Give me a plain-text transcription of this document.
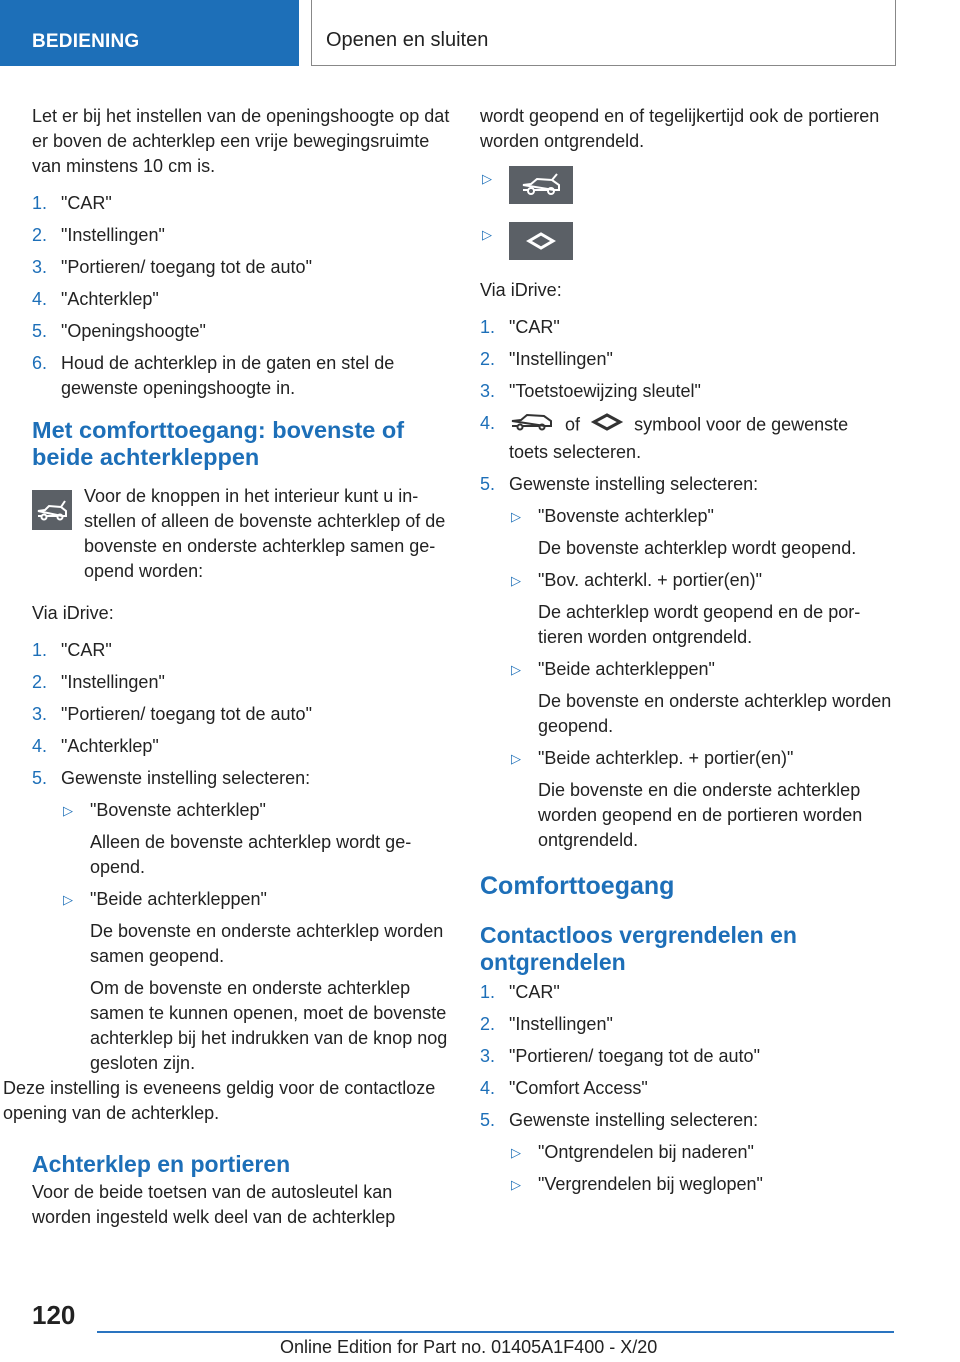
BEDIENING	Openen en sluiten

Let er bij het instellen van de openingshoogte op dat er boven de achterklep een vrije bewegingsruimte van minstens 10 cm is.

1. "CAR"
2. "Instellingen"
3. "Portieren/ toegang tot de auto"
4. "Achterklep"
5. "Openingshoogte"
6. Houd de achterklep in de gaten en stel de gewenste openingshoogte in.
Met comforttoegang: bovenste of beide achterkleppen
Voor de knoppen in het interieur kunt u instellen of alleen de bovenste achterklep of de bovenste en onderste achterklep samen geopend worden:

Via iDrive:

1. "CAR"
2. "Instellingen"
3. "Portieren/ toegang tot de auto"
4. "Achterklep"
5. Gewenste instelling selecteren:
▷ "Bovenste achterklep"
Alleen de bovenste achterklep wordt geopend.
▷ "Beide achterkleppen"
De bovenste en onderste achterklep worden samen geopend.
Om de bovenste en onderste achterklep samen te kunnen openen, moet de bovenste achterklep bij het indrukken van de knop nog gesloten zijn.

Deze instelling is eveneens geldig voor de contactloze opening van de achterklep.

Achterklep en portieren

Voor de beide toetsen van de autosleutel kan worden ingesteld welk deel van de achterklep

wordt geopend en of tegelijkertijd ook de portieren worden ontgrendeld.

▷
▷

Via iDrive:

1. "CAR"
2. "Instellingen"
3. "Toetstoewijzing sleutel"
4.	of	symbool voor de gewenste toets selecteren.
5. Gewenste instelling selecteren:
▷ "Bovenste achterklep"
De bovenste achterklep wordt geopend.
▷ "Bov. achterkl. + portier(en)"
De achterklep wordt geopend en de portieren worden ontgrendeld.
▷ "Beide achterkleppen"
De bovenste en onderste achterklep worden geopend.
▷ "Beide achterklep. + portier(en)"
Die bovenste en die onderste achterklep worden geopend en de portieren worden ontgrendeld.
Comforttoegang
Contactloos vergrendelen en ontgrendelen
1. "CAR"
2. "Instellingen"
3. "Portieren/ toegang tot de auto"
4. "Comfort Access"
5. Gewenste instelling selecteren:
▷ "Ontgrendelen bij naderen"
▷ "Vergrendelen bij weglopen"
120
Online Edition for Part no. 01405A1F400 - X/20
